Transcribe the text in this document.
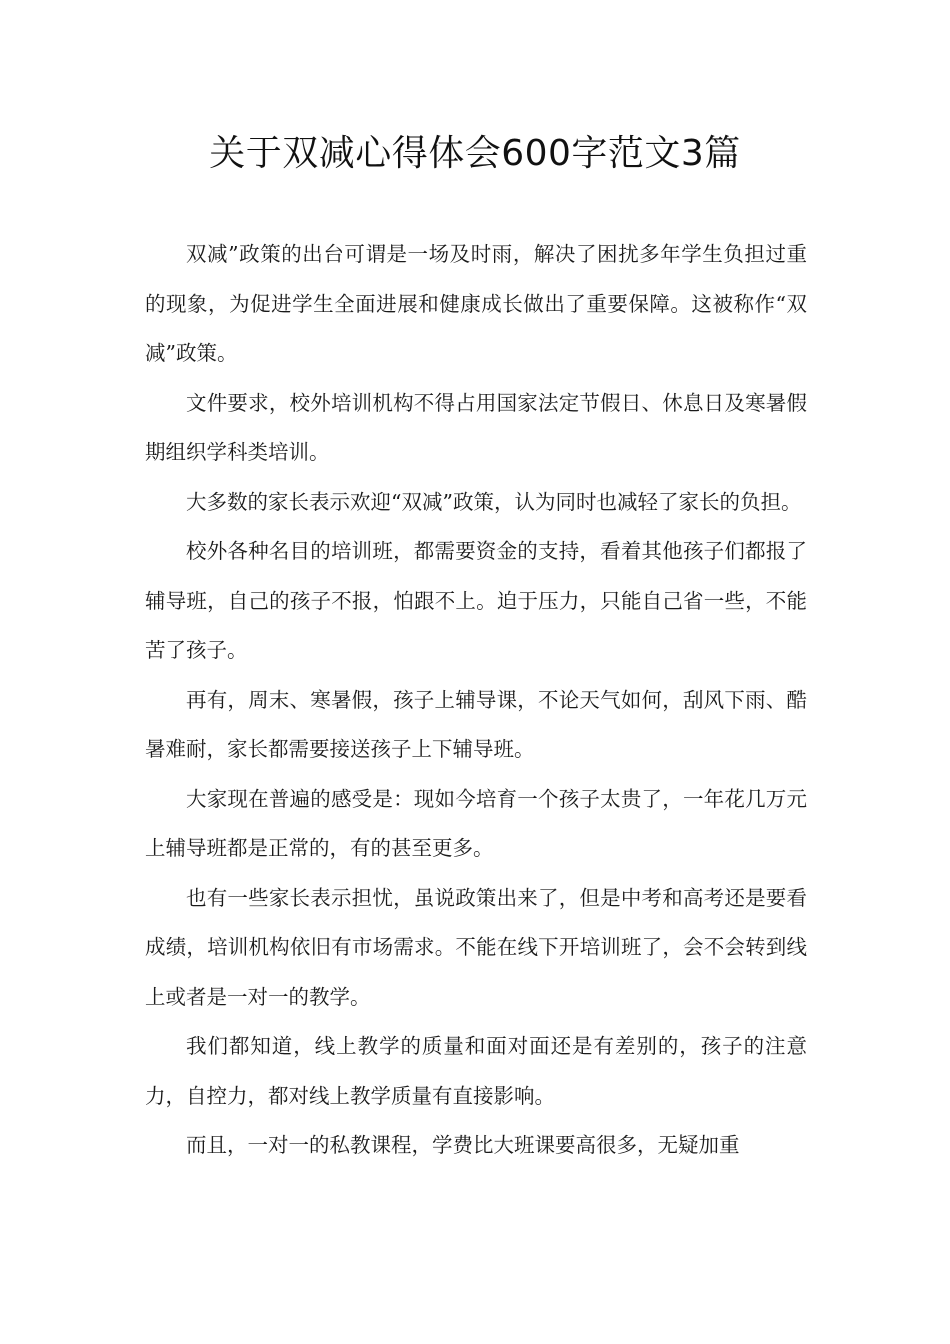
关于双减心得体会600字范文3篇

双减”政策的出台可谓是一场及时雨，解决了困扰多年学生负担过重的现象，为促进学生全面进展和健康成长做出了重要保障。这被称作“双减”政策。

文件要求，校外培训机构不得占用国家法定节假日、休息日及寒暑假期组织学科类培训。

大多数的家长表示欢迎“双减”政策，认为同时也减轻了家长的负担。

校外各种名目的培训班，都需要资金的支持，看着其他孩子们都报了辅导班，自己的孩子不报，怕跟不上。迫于压力，只能自己省一些，不能苦了孩子。

再有，周末、寒暑假，孩子上辅导课，不论天气如何，刮风下雨、酷暑难耐，家长都需要接送孩子上下辅导班。

大家现在普遍的感受是：现如今培育一个孩子太贵了，一年花几万元上辅导班都是正常的，有的甚至更多。

也有一些家长表示担忧，虽说政策出来了，但是中考和高考还是要看成绩，培训机构依旧有市场需求。不能在线下开培训班了，会不会转到线上或者是一对一的教学。

我们都知道，线上教学的质量和面对面还是有差别的，孩子的注意力，自控力，都对线上教学质量有直接影响。

而且，一对一的私教课程，学费比大班课要高很多，无疑加重
